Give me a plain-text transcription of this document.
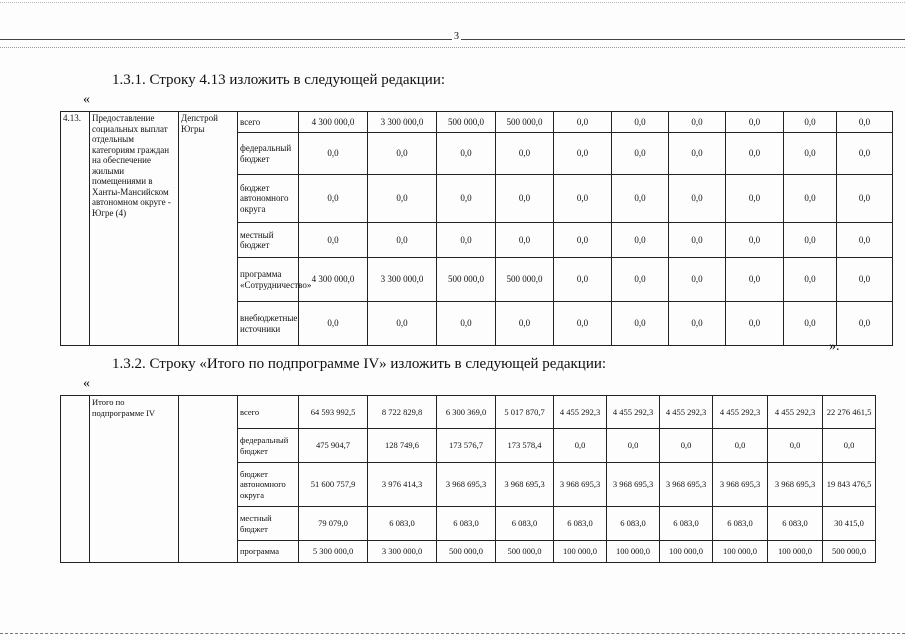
3
1.3.1. Строку 4.13 изложить в следующей редакции:
«
4.13.	Предоставление социальных выплат отдельным категориям граждан на обеспечение жилыми помещениями в Ханты-Мансийском автономном округе - Югре (4)	Депстрой Югры	всего	4 300 000,0	3 300 000,0	500 000,0	500 000,0	0,0	0,0	0,0	0,0	0,0	0,0
			федеральный бюджет	0,0	0,0	0,0	0,0	0,0	0,0	0,0	0,0	0,0	0,0
			бюджет автономного округа	0,0	0,0	0,0	0,0	0,0	0,0	0,0	0,0	0,0	0,0
			местный бюджет	0,0	0,0	0,0	0,0	0,0	0,0	0,0	0,0	0,0	0,0
			программа «Сотрудничество»	4 300 000,0	3 300 000,0	500 000,0	500 000,0	0,0	0,0	0,0	0,0	0,0	0,0
			внебюджетные источники	0,0	0,0	0,0	0,0	0,0	0,0	0,0	0,0	0,0	0,0
».
1.3.2. Строку «Итого по подпрограмме IV» изложить в следующей редакции:
«
	Итого по подпрограмме IV		всего	64 593 992,5	8 722 829,8	6 300 369,0	5 017 870,7	4 455 292,3	4 455 292,3	4 455 292,3	4 455 292,3	4 455 292,3	22 276 461,5
			федеральный бюджет	475 904,7	128 749,6	173 576,7	173 578,4	0,0	0,0	0,0	0,0	0,0	0,0
			бюджет автономного округа	51 600 757,9	3 976 414,3	3 968 695,3	3 968 695,3	3 968 695,3	3 968 695,3	3 968 695,3	3 968 695,3	3 968 695,3	19 843 476,5
			местный бюджет	79 079,0	6 083,0	6 083,0	6 083,0	6 083,0	6 083,0	6 083,0	6 083,0	6 083,0	30 415,0
			программа	5 300 000,0	3 300 000,0	500 000,0	500 000,0	100 000,0	100 000,0	100 000,0	100 000,0	100 000,0	500 000,0
